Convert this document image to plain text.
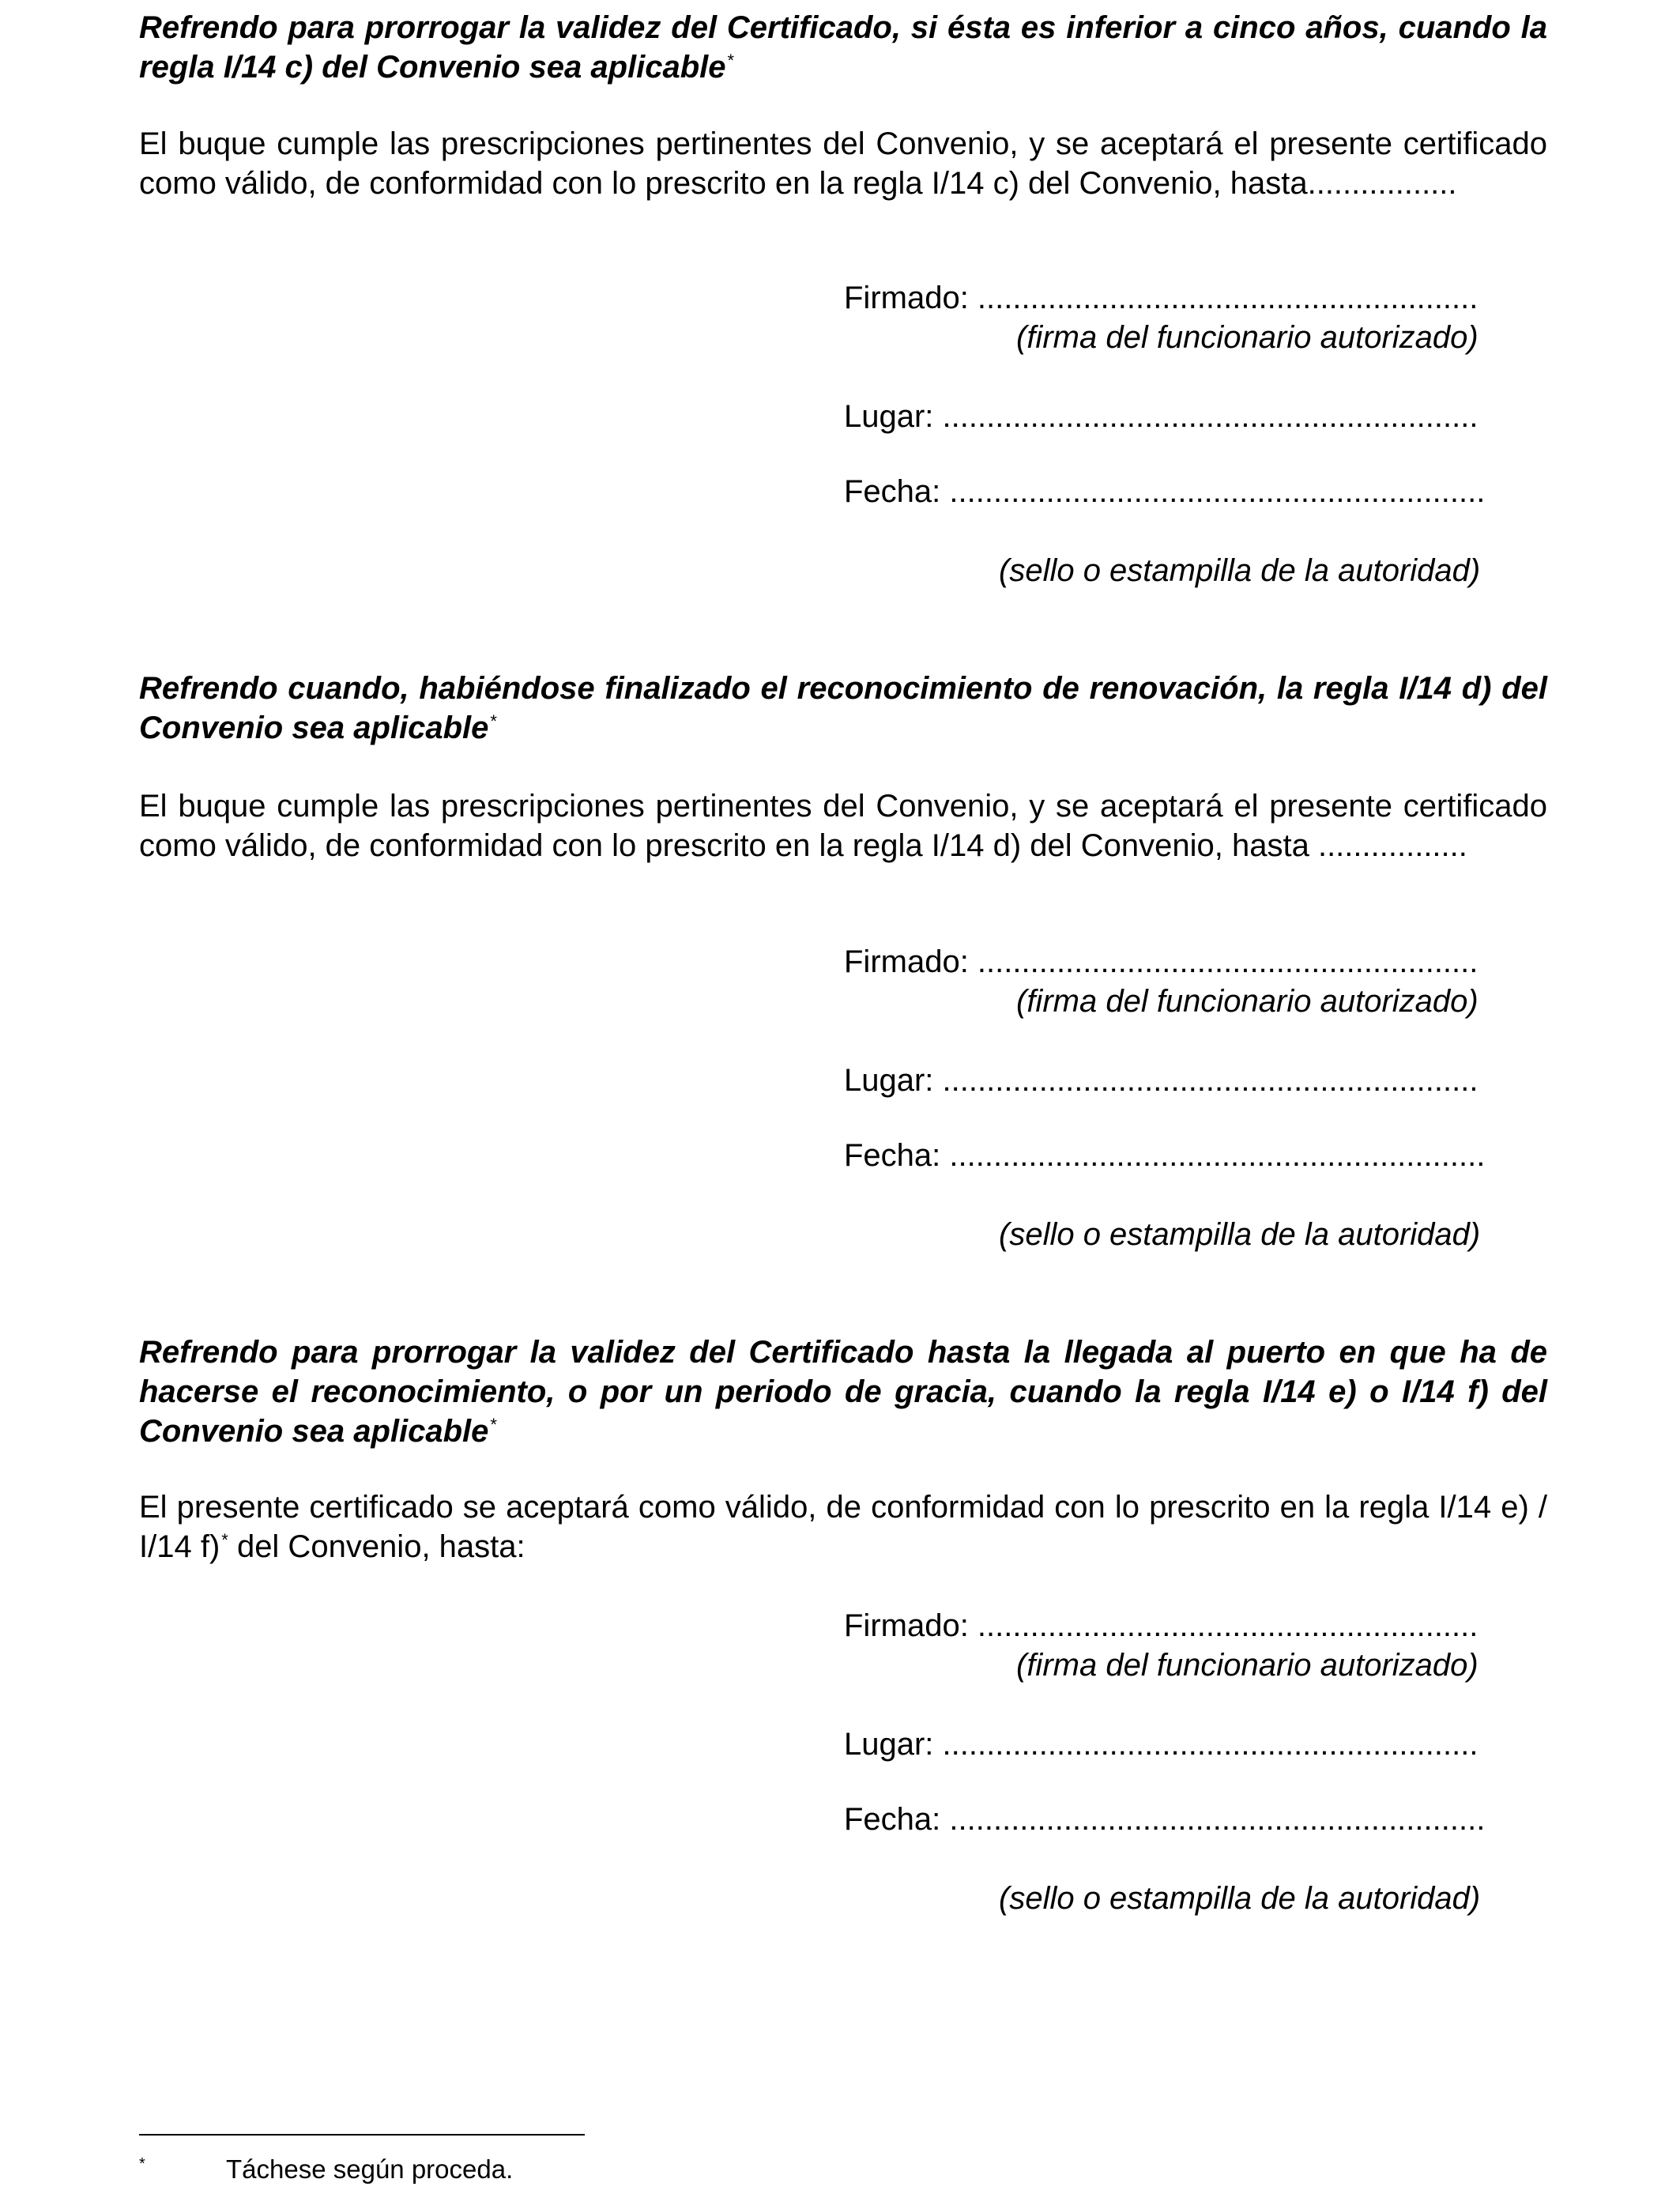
Refrendo para prorrogar la validez del Certificado, si ésta es inferior a cinco años, cuando la regla I/14 c) del Convenio sea aplicable*

El buque cumple las prescripciones pertinentes del Convenio, y se aceptará el presente certificado como válido, de conformidad con lo prescrito en la regla I/14 c) del Convenio, hasta.................

Firmado: .........................................................

(firma del funcionario autorizado)

Lugar: .............................................................

Fecha: .............................................................

(sello o estampilla de la autoridad)

Refrendo cuando, habiéndose finalizado el reconocimiento de renovación, la regla I/14 d) del Convenio sea aplicable*

El buque cumple las prescripciones pertinentes del Convenio, y se aceptará el presente certificado como válido, de conformidad con lo prescrito en la regla I/14 d) del Convenio, hasta .................

Firmado: .........................................................

(firma del funcionario autorizado)

Lugar: .............................................................

Fecha: .............................................................

(sello o estampilla de la autoridad)

Refrendo para prorrogar la validez del Certificado hasta la llegada al puerto en que ha de hacerse el reconocimiento, o por un periodo de gracia, cuando la regla I/14 e) o I/14 f) del Convenio sea aplicable*

El presente certificado se aceptará como válido, de conformidad con lo prescrito en la regla I/14 e) / I/14 f)* del Convenio, hasta:

Firmado: .........................................................

(firma del funcionario autorizado)

Lugar: .............................................................

Fecha: .............................................................

(sello o estampilla de la autoridad)

*	Táchese según proceda.
